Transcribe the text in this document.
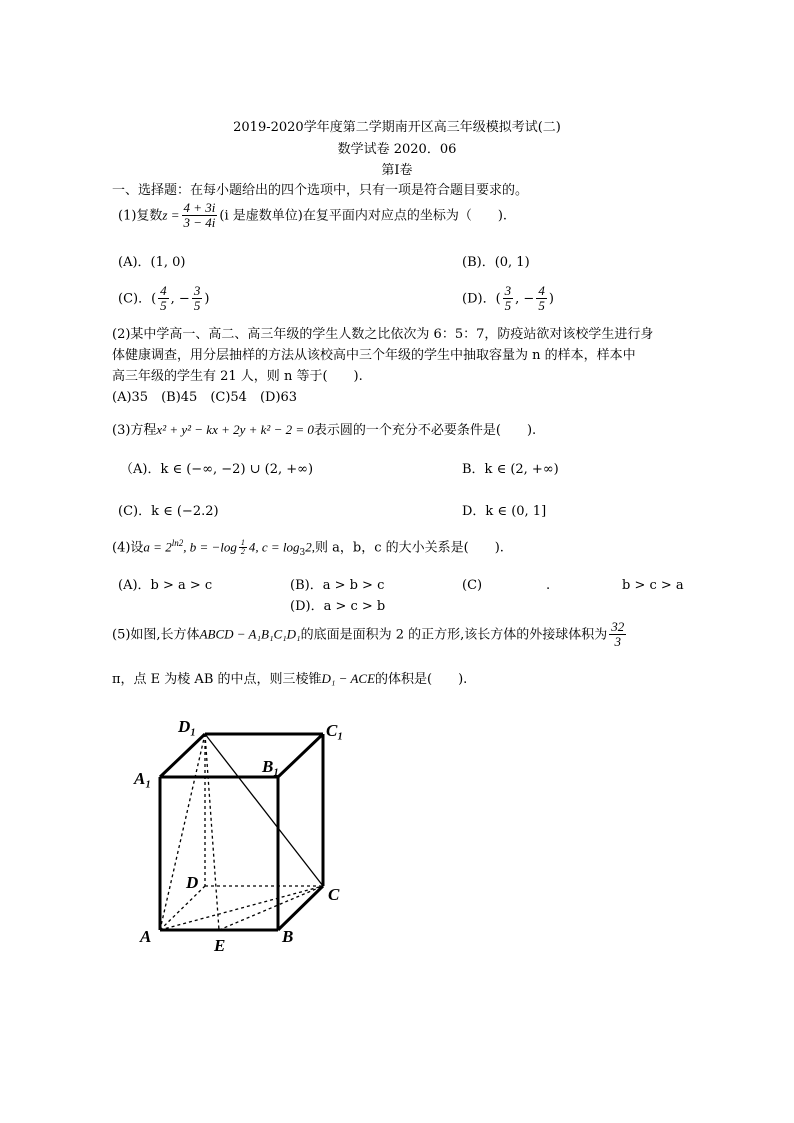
2019-2020学年度第二学期南开区高三年级模拟考试(二)
数学试卷 2020．06
第Ⅰ卷
一、选择题：在每小题给出的四个选项中，只有一项是符合题目要求的。
(1)复数$z = \frac{4 + 3i}{3 - 4i} (i$ 是虚数单位)在复平面内对应点的坐标为（　　).
(A)．(1, 0)	(B)．(0, 1)
(C)．( $\frac{4}{5}$ , − $\frac{3}{5}$ )	(D)．( $\frac{3}{5}$ , − $\frac{4}{5}$ )
(2)某中学高一、高二、高三年级的学生人数之比依次为 6：5：7，防疫站欲对该校学生进行身
体健康调查，用分层抽样的方法从该校高中三个年级的学生中抽取容量为 n 的样本，样本中
高三年级的学生有 21 人，则 n 等于(　　).
(A)35　(B)45　(C)54　(D)63
(3)方程x² + y² − kx + 2y + k² − 2 = 0表示圆的一个充分不必要条件是(　　).
（A)．k ∈ (−∞, −2) ∪ (2, +∞)	B．k ∈ (2, +∞)
(C)．k ∈ (−2.2)	D．k ∈ (0, 1]
(4)设$a = 2^{ln2}$, $b = -\log \frac{1}{2} 4$, $c = \log_32$,则 a，b，c 的大小关系是(　　).
(A)．b > a > c	(B)．a > b > c	(C)	.	b > c > a
(D)．a > c > b
(5)如图,长方体ABCD − A₁B₁C₁D₁的底面是面积为 2 的正方形,该长方体的外接球体积为 $\frac{32}{3}$
π，点 E 为棱 AB 的中点，则三棱锥D₁ − ACE的体积是(　　).
D₁	C₁
A₁
B₁
D
C
A	B
E
